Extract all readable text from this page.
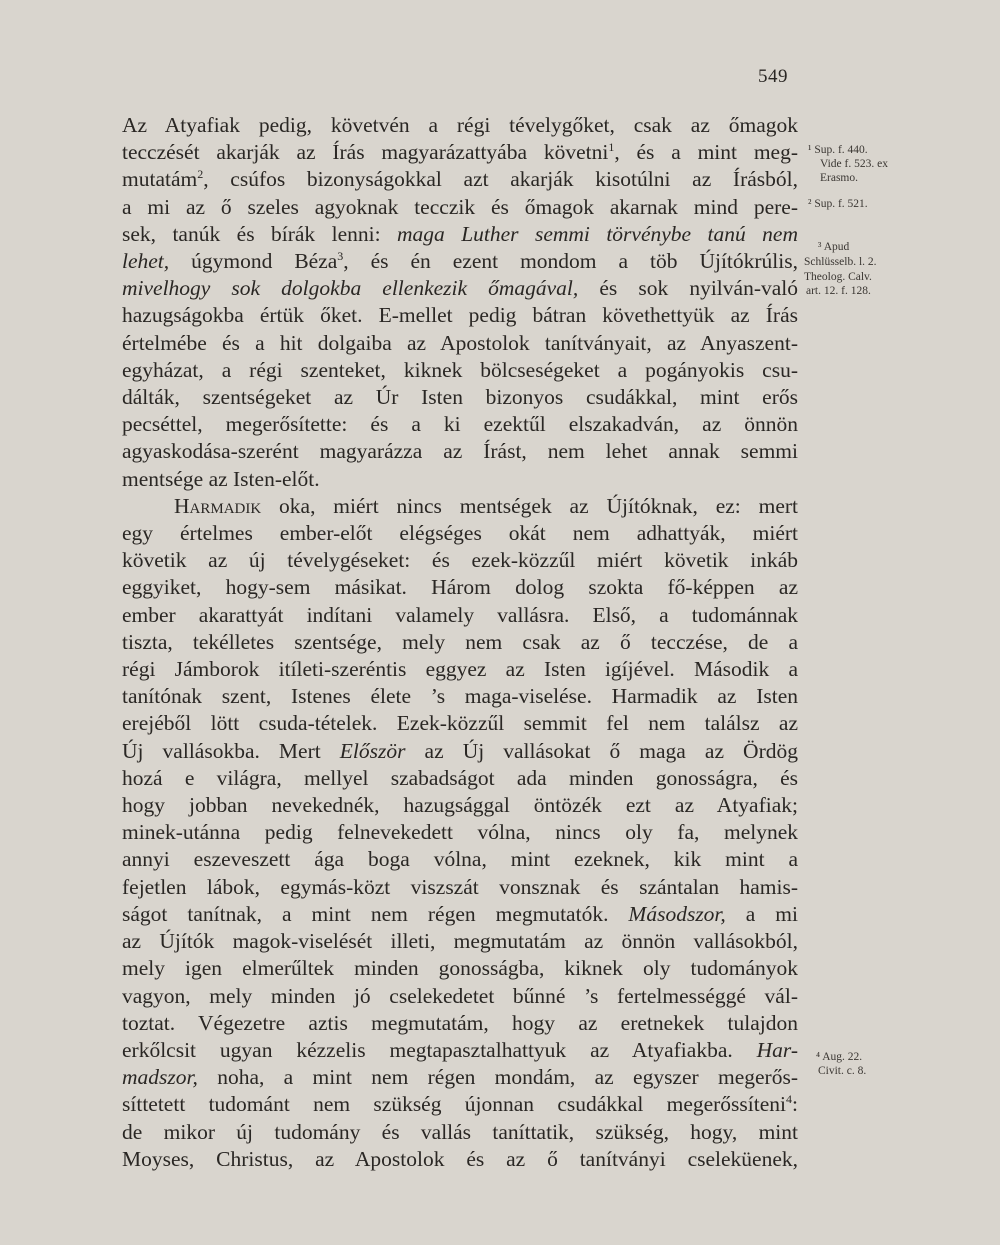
549
Az Atyafiak pedig, követvén a régi tévelygőket, csak az őmagok
tecczését akarják az Írás magyarázattyába követni$^1$, és a mint meg-
mutatám$^2$, csúfos bizonyságokkal azt akarják kisotúlni az Írásból,
a mi az ő szeles agyoknak tecczik és őmagok akarnak mind pere-
sek, tanúk és bírák lenni: maga Luther semmi törvénybe tanú nem
lehet, úgymond Béza$^3$, és én ezent mondom a töb Újítókrúlis,
mivelhogy sok dolgokba ellenkezik őmagával, és sok nyilván-való
hazugságokba értük őket. E-mellet pedig bátran követhettyük az Írás
értelmébe és a hit dolgaiba az Apostolok tanítványait, az Anyaszent-
egyházat, a régi szenteket, kiknek bölcseségeket a pogányokis csu-
dálták, szentségeket az Úr Isten bizonyos csudákkal, mint erős
pecséttel, megerősítette: és a ki ezektűl elszakadván, az önnön
agyaskodása-szerént magyarázza az Írást, nem lehet annak semmi
mentsége az Isten-előt.
Harmadik oka, miért nincs mentségek az Újítóknak, ez: mert
egy értelmes ember-előt elégséges okát nem adhattyák, miért
követik az új tévelygéseket: és ezek-közzűl miért követik inkáb
eggyiket, hogy-sem másikat. Három dolog szokta fő-képpen az
ember akarattyát indítani valamely vallásra. Első, a tudománnak
tiszta, tekélletes szentsége, mely nem csak az ő tecczése, de a
régi Jámborok itíleti-szeréntis eggyez az Isten igíjével. Második a
tanítónak szent, Istenes élete ’s maga-viselése. Harmadik az Isten
erejéből lött csuda-tételek. Ezek-közzűl semmit fel nem találsz az
Új vallásokba. Mert Először az Új vallásokat ő maga az Ördög
hozá e világra, mellyel szabadságot ada minden gonosságra, és
hogy jobban nevekednék, hazugsággal öntözék ezt az Atyafiak;
minek-utánna pedig felnevekedett vólna, nincs oly fa, melynek
annyi eszeveszett ága boga vólna, mint ezeknek, kik mint a
fejetlen lábok, egymás-közt viszszát vonsznak és szántalan hamis-
ságot tanítnak, a mint nem régen megmutatók. Másodszor, a mi
az Újítók magok-viselését illeti, megmutatám az önnön vallásokból,
mely igen elmerűltek minden gonosságba, kiknek oly tudományok
vagyon, mely minden jó cselekedetet bűnné ’s fertelmességgé vál-
toztat. Végezetre aztis megmutatám, hogy az eretnekek tulajdon
erkőlcsit ugyan kézzelis megtapasztalhattyuk az Atyafiakba. Har-
madszor, noha, a mint nem régen mondám, az egyszer megerős-
síttetett tudománt nem szükség újonnan csudákkal megerőssíteni$^4$:
de mikor új tudomány és vallás taníttatik, szükség, hogy, mint
Moyses, Christus, az Apostolok és az ő tanítványi cseleküenek,
¹ Sup. f. 440.
Vide f. 523. ex
Erasmo.
² Sup. f. 521.
³ Apud
Schlüsselb. l. 2.
Theolog. Calv.
art. 12. f. 128.
⁴ Aug. 22.
Civit. c. 8.
